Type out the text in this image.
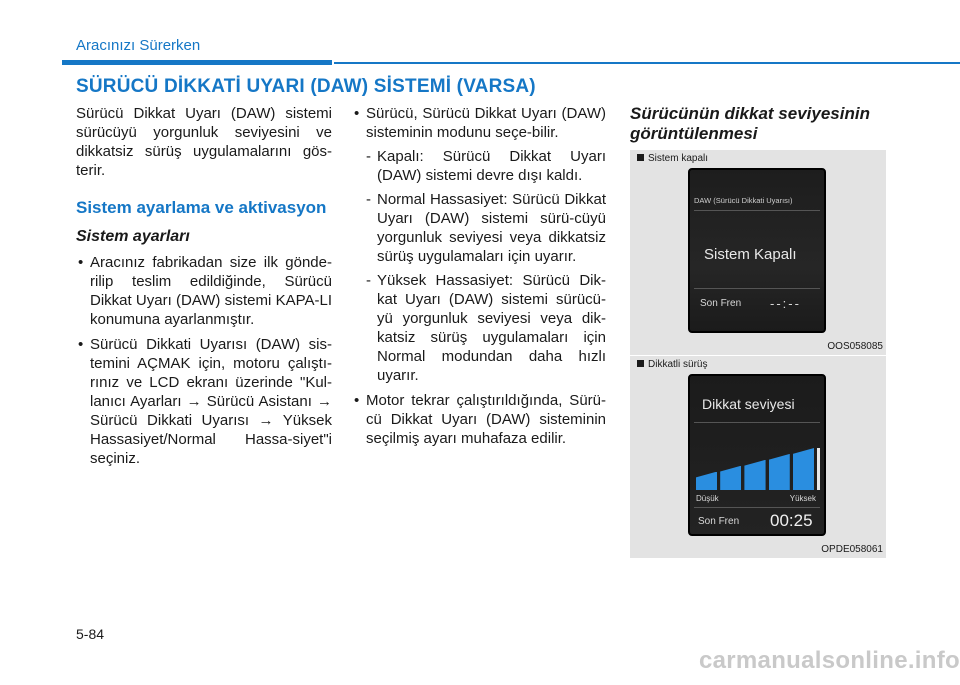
Aracınızı Sürerken
SÜRÜCÜ DİKKATİ UYARI (DAW) SİSTEMİ (VARSA)

Sürücü Dikkat Uyarı (DAW) sistemi sürücüyü yorgunluk seviyesini ve dikkatsiz sürüş uygulamalarını gös-terir.

Sistem ayarlama ve aktivasyon
Sistem ayarları
• Aracınız fabrikadan size ilk gönde-rilip teslim edildiğinde, Sürücü Dikkat Uyarı (DAW) sistemi KAPA-LI konumuna ayarlanmıştır.
• Sürücü Dikkati Uyarısı (DAW) sis-temini AÇMAK için, motoru çalıştı-rınız ve LCD ekranı üzerinde "Kul-lanıcı Ayarları → Sürücü Asistanı → Sürücü Dikkati Uyarısı → Yüksek Hassasiyet/Normal Hassa-siyet"i seçiniz.
• Sürücü, Sürücü Dikkat Uyarı (DAW) sisteminin modunu seçe-bilir.
- Kapalı: Sürücü Dikkat Uyarı (DAW) sistemi devre dışı kaldı.
- Normal Hassasiyet: Sürücü Dikkat Uyarı (DAW) sistemi sürü-cüyü yorgunluk seviyesi veya dikkatsiz sürüş uygulamaları için uyarır.
- Yüksek Hassasiyet: Sürücü Dik-kat Uyarı (DAW) sistemi sürücü-yü yorgunluk seviyesi veya dik-katsiz sürüş uygulamaları için Normal modundan daha hızlı uyarır.
• Motor tekrar çalıştırıldığında, Sürü-cü Dikkat Uyarı (DAW) sisteminin seçilmiş ayarı muhafaza edilir.
Sürücünün dikkat seviyesinin görüntülenmesi
Sistem kapalı
DAW (Sürücü Dikkati Uyarısı)
Sistem Kapalı
Son Fren --:--
OOS058085
Dikkatli sürüş
Dikkat seviyesi
Düşük	Yüksek
Son Fren 00:25
OPDE058061
5-84
carmanualsonline.info
